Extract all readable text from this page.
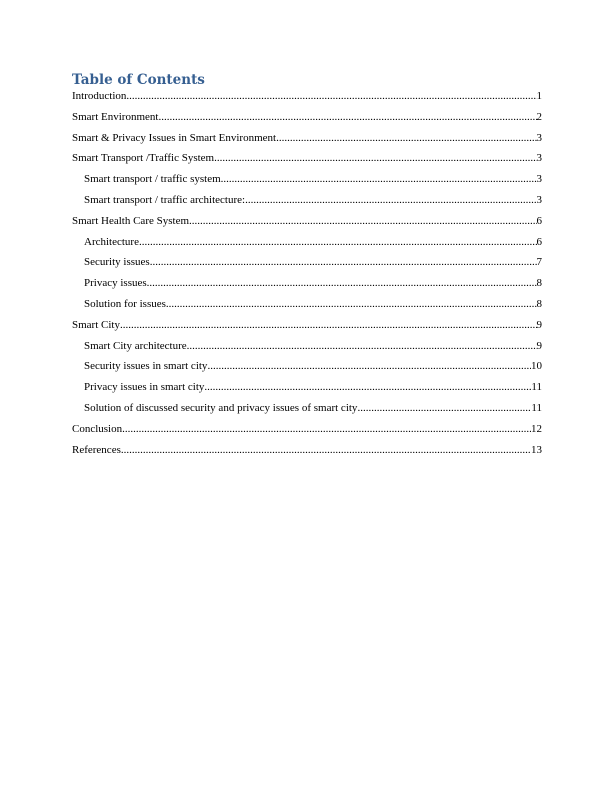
Table of Contents
Introduction .....	1
Smart Environment .....	2
Smart & Privacy Issues in Smart Environment .....	3
Smart Transport /Traffic System .....	3
Smart transport / traffic system .....	3
Smart transport / traffic architecture: .....	3
Smart Health Care System .....	6
Architecture .....	6
Security issues .....	7
Privacy issues .....	8
Solution for issues .....	8
Smart City .....	9
Smart City architecture .....	9
Security issues in smart city .....	10
Privacy issues in smart city .....	11
Solution of discussed security and privacy issues of smart city .....	11
Conclusion .....	12
References .....	13
